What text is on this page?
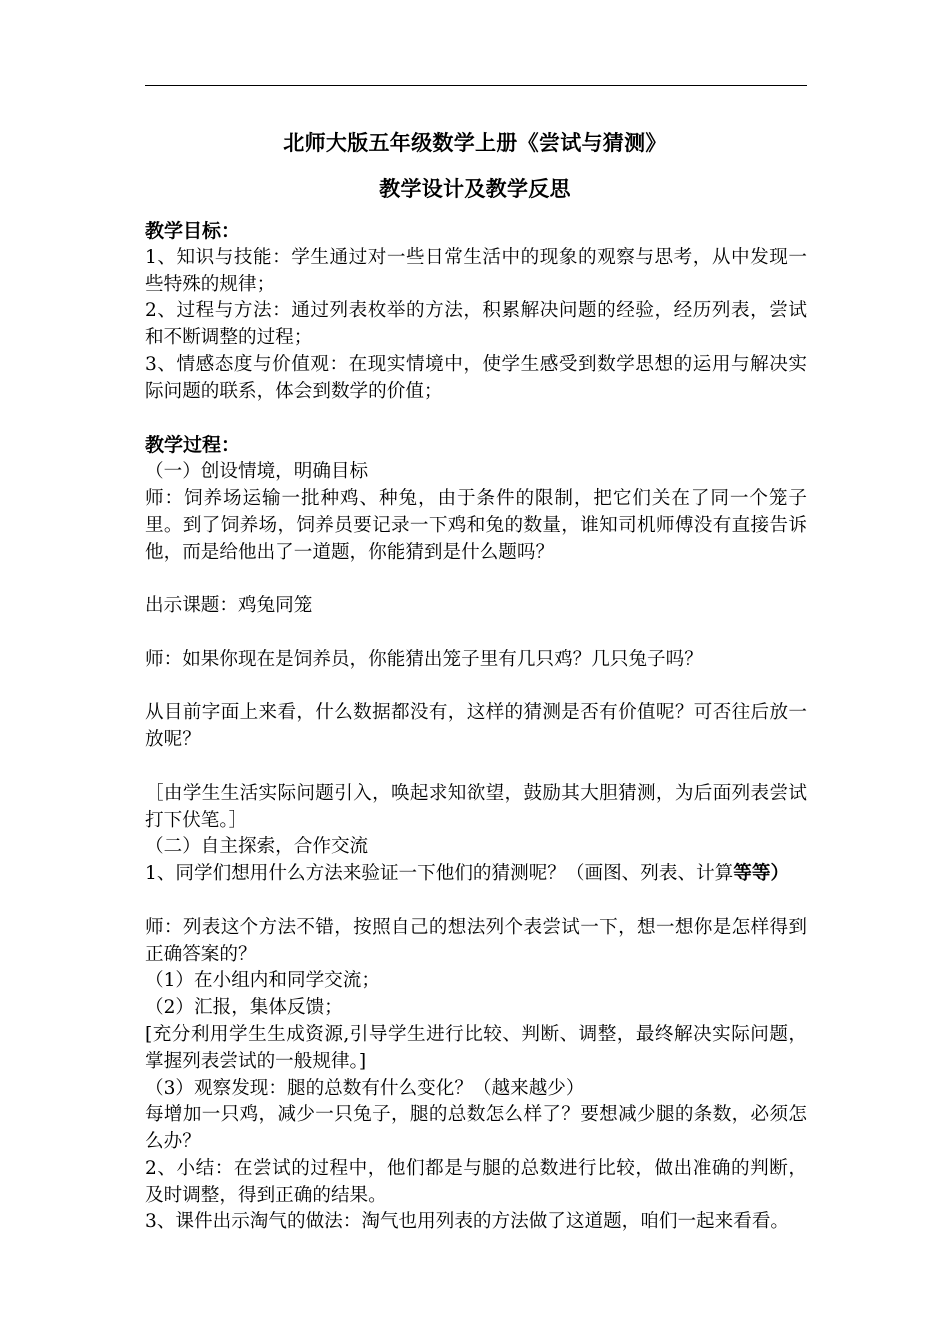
北师大版五年级数学上册《尝试与猜测》
教学设计及教学反思

教学目标：

1、知识与技能：学生通过对一些日常生活中的现象的观察与思考，从中发现一些特殊的规律；

2、过程与方法：通过列表枚举的方法，积累解决问题的经验，经历列表，尝试和不断调整的过程；

3、情感态度与价值观：在现实情境中，使学生感受到数学思想的运用与解决实际问题的联系，体会到数学的价值；

教学过程：

（一）创设情境，明确目标

师：饲养场运输一批种鸡、种兔，由于条件的限制，把它们关在了同一个笼子里。到了饲养场，饲养员要记录一下鸡和兔的数量，谁知司机师傅没有直接告诉他，而是给他出了一道题，你能猜到是什么题吗？

出示课题：鸡兔同笼

师：如果你现在是饲养员，你能猜出笼子里有几只鸡？几只兔子吗？

从目前字面上来看，什么数据都没有，这样的猜测是否有价值呢？可否往后放一放呢？

［由学生生活实际问题引入，唤起求知欲望，鼓励其大胆猜测，为后面列表尝试打下伏笔。］

（二）自主探索，合作交流

1、同学们想用什么方法来验证一下他们的猜测呢？（画图、列表、计算等等）

师：列表这个方法不错，按照自己的想法列个表尝试一下，想一想你是怎样得到正确答案的？

（1）在小组内和同学交流；

（2）汇报，集体反馈；

[充分利用学生生成资源,引导学生进行比较、判断、调整，最终解决实际问题，掌握列表尝试的一般规律。]

（3）观察发现：腿的总数有什么变化？（越来越少）

每增加一只鸡，减少一只兔子，腿的总数怎么样了？要想减少腿的条数，必须怎么办？

2、小结：在尝试的过程中，他们都是与腿的总数进行比较，做出准确的判断，及时调整，得到正确的结果。

3、课件出示淘气的做法：淘气也用列表的方法做了这道题，咱们一起来看看。
